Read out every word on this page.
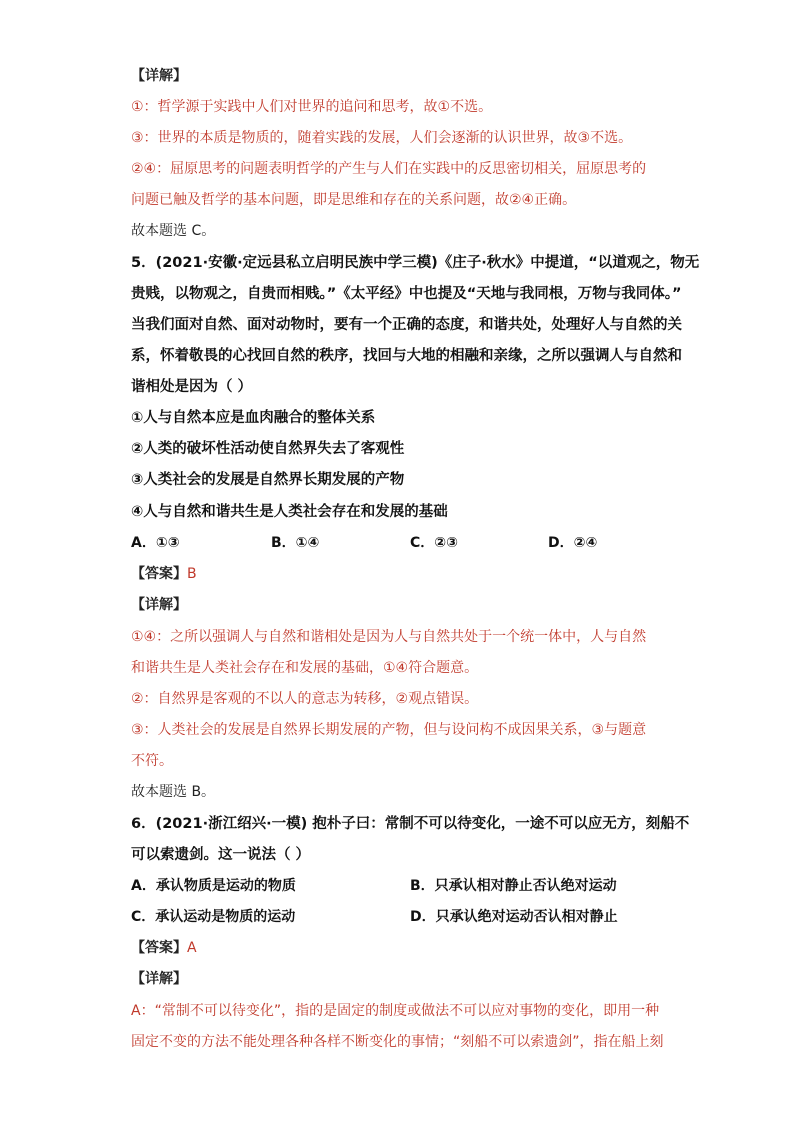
【详解】
①：哲学源于实践中人们对世界的追问和思考，故①不选。
③：世界的本质是物质的，随着实践的发展，人们会逐渐的认识世界，故③不选。
②④：屈原思考的问题表明哲学的产生与人们在实践中的反思密切相关，屈原思考的
问题已触及哲学的基本问题，即是思维和存在的关系问题，故②④正确。
故本题选 C。
5．(2021·安徽·定远县私立启明民族中学三模)《庄子·秋水》中提道，“以道观之，物无
贵贱，以物观之，自贵而相贱。”《太平经》中也提及“天地与我同根，万物与我同体。”
当我们面对自然、面对动物时，要有一个正确的态度，和谐共处，处理好人与自然的关
系，怀着敬畏的心找回自然的秩序，找回与大地的相融和亲缘，之所以强调人与自然和
谐相处是因为（ ）
①人与自然本应是血肉融合的整体关系
②人类的破坏性活动使自然界失去了客观性
③人类社会的发展是自然界长期发展的产物
④人与自然和谐共生是人类社会存在和发展的基础
A．①③	B．①④	C．②③	D．②④
【答案】B
【详解】
①④：之所以强调人与自然和谐相处是因为人与自然共处于一个统一体中，人与自然
和谐共生是人类社会存在和发展的基础，①④符合题意。
②：自然界是客观的不以人的意志为转移，②观点错误。
③：人类社会的发展是自然界长期发展的产物，但与设问构不成因果关系，③与题意
不符。
故本题选 B。
6．(2021·浙江绍兴·一模) 抱朴子曰：常制不可以待变化，一途不可以应无方，刻船不
可以索遗剑。这一说法（ ）
A．承认物质是运动的物质	B．只承认相对静止否认绝对运动
C．承认运动是物质的运动	D．只承认绝对运动否认相对静止
【答案】A
【详解】
A：“常制不可以待变化”，指的是固定的制度或做法不可以应对事物的变化，即用一种
固定不变的方法不能处理各种各样不断变化的事情；“刻船不可以索遗剑”，指在船上刻
